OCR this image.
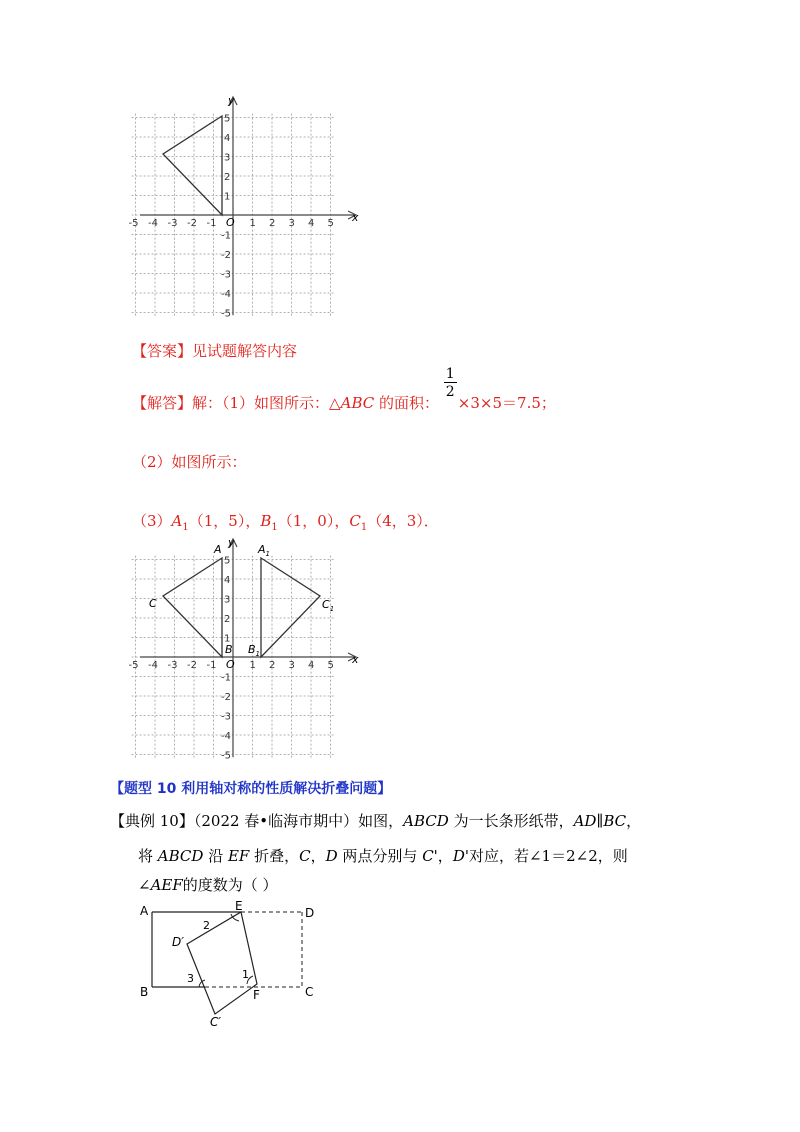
-5 -4 -3 -2 -1	1 2 3 4 5
5
4
3
2
1
-1
-2
-3
-4
-5
x
y
O
【答案】见试题解答内容
【解答】解：（1）如图所示：△ABC 的面积： $\frac{1}{2} \times 3\times 5=7.5$；
（2）如图所示：
$(3)A_1(1$，5），$B_1(1$，0），$C_1(4$，3）．
-5 -4 -3 -2 -1	1 2 3 4 5
5
4
3
2
1
-1
-2
-3
-4
-5
x
y
O
A
B
C
$A_1$
$B_1$
$C_1$
【题型 10 利用轴对称的性质解决折叠问题】
【典例 10】（2022 春•临海市期中）如图，ABCD 为一长条形纸带，AD∥BC，
将 ABCD 沿 EF 折叠，C，D 两点分别与 C'，D'对应，若∠1＝2∠2，则
∠AEF的度数为（ ）
A
B	C
D
E
F
D′
C′
1
2
3
